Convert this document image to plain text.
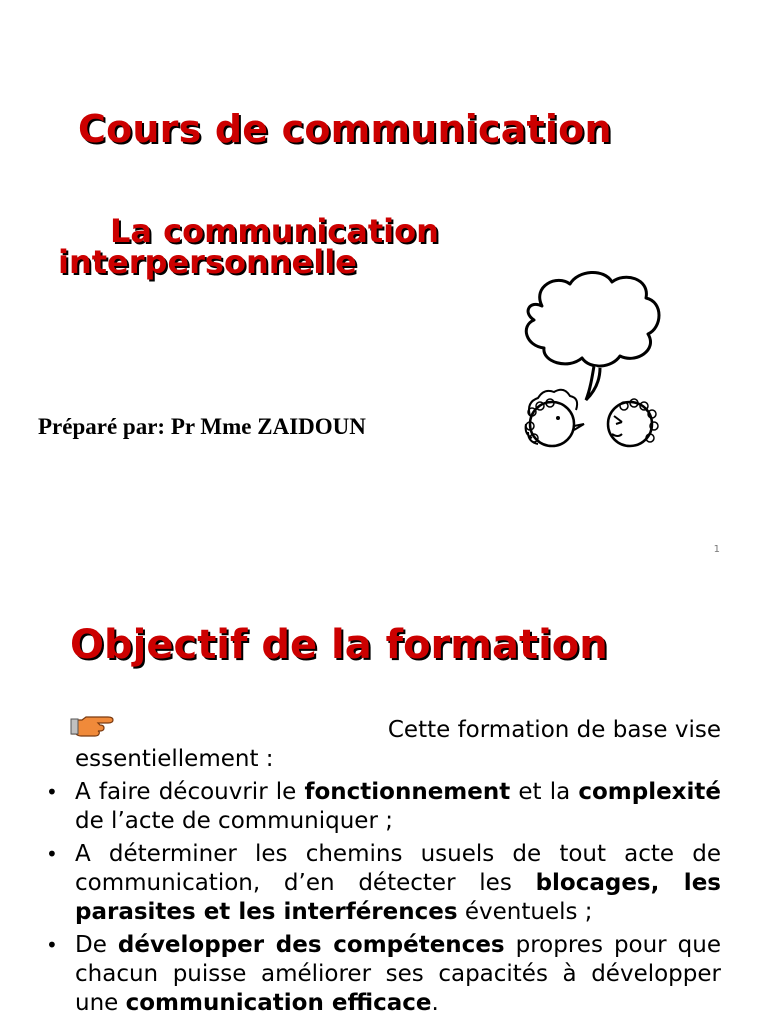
Cours de communication
La communication
interpersonnelle

Préparé par: Pr Mme ZAIDOUN

1
Objectif de la formation

Cette formation de base vise
essentiellement :

• A faire découvrir le fonctionnement et la complexité de l’acte de communiquer ;
• A déterminer les chemins usuels de tout acte de communication, d’en détecter les blocages, les parasites et les interférences éventuels ;
• De développer des compétences propres pour que chacun puisse améliorer ses capacités à développer une communication efficace.
